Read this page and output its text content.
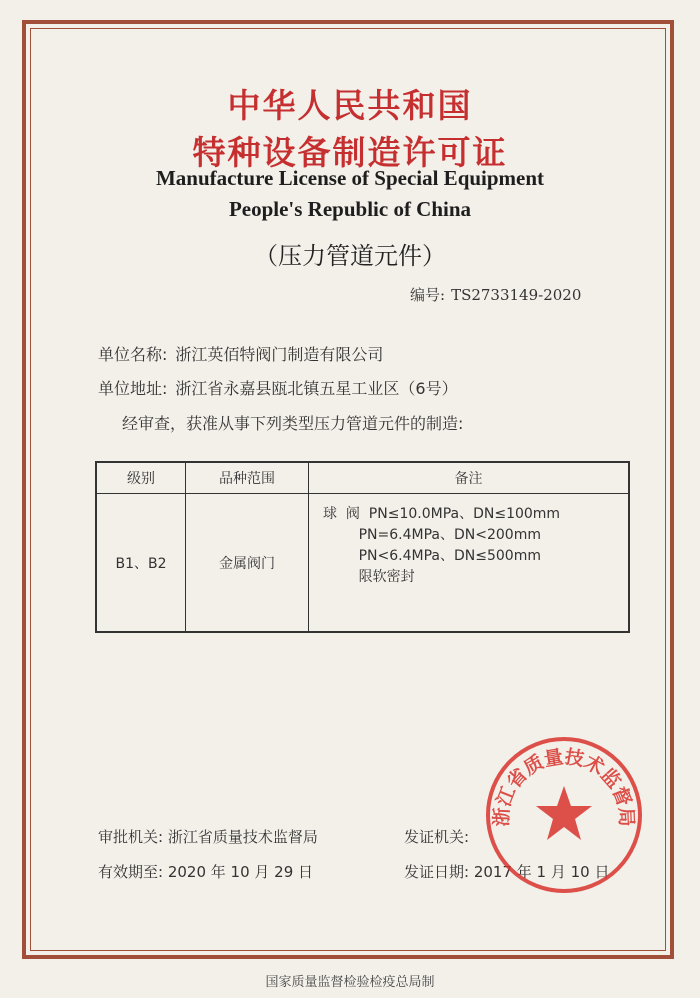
中华人民共和国
特种设备制造许可证
Manufacture License of Special Equipment
People's Republic of China
（压力管道元件）
编号: TS2733149-2020
单位名称: 浙江英佰特阀门制造有限公司
单位地址: 浙江省永嘉县瓯北镇五星工业区（6号）
经审查，获准从事下列类型压力管道元件的制造:
级别	品种范围	备注
B1、B2	金属阀门	球  阀  PN≤10.0MPa、DN≤100mm
PN=6.4MPa、DN<200mm
PN<6.4MPa、DN≤500mm
限软密封
审批机关: 浙江省质量技术监督局
有效期至: 2020 年 10 月 29 日
发证机关:
发证日期: 2017 年 1 月 10 日
浙江省质量技术监督局
国家质量监督检验检疫总局制
